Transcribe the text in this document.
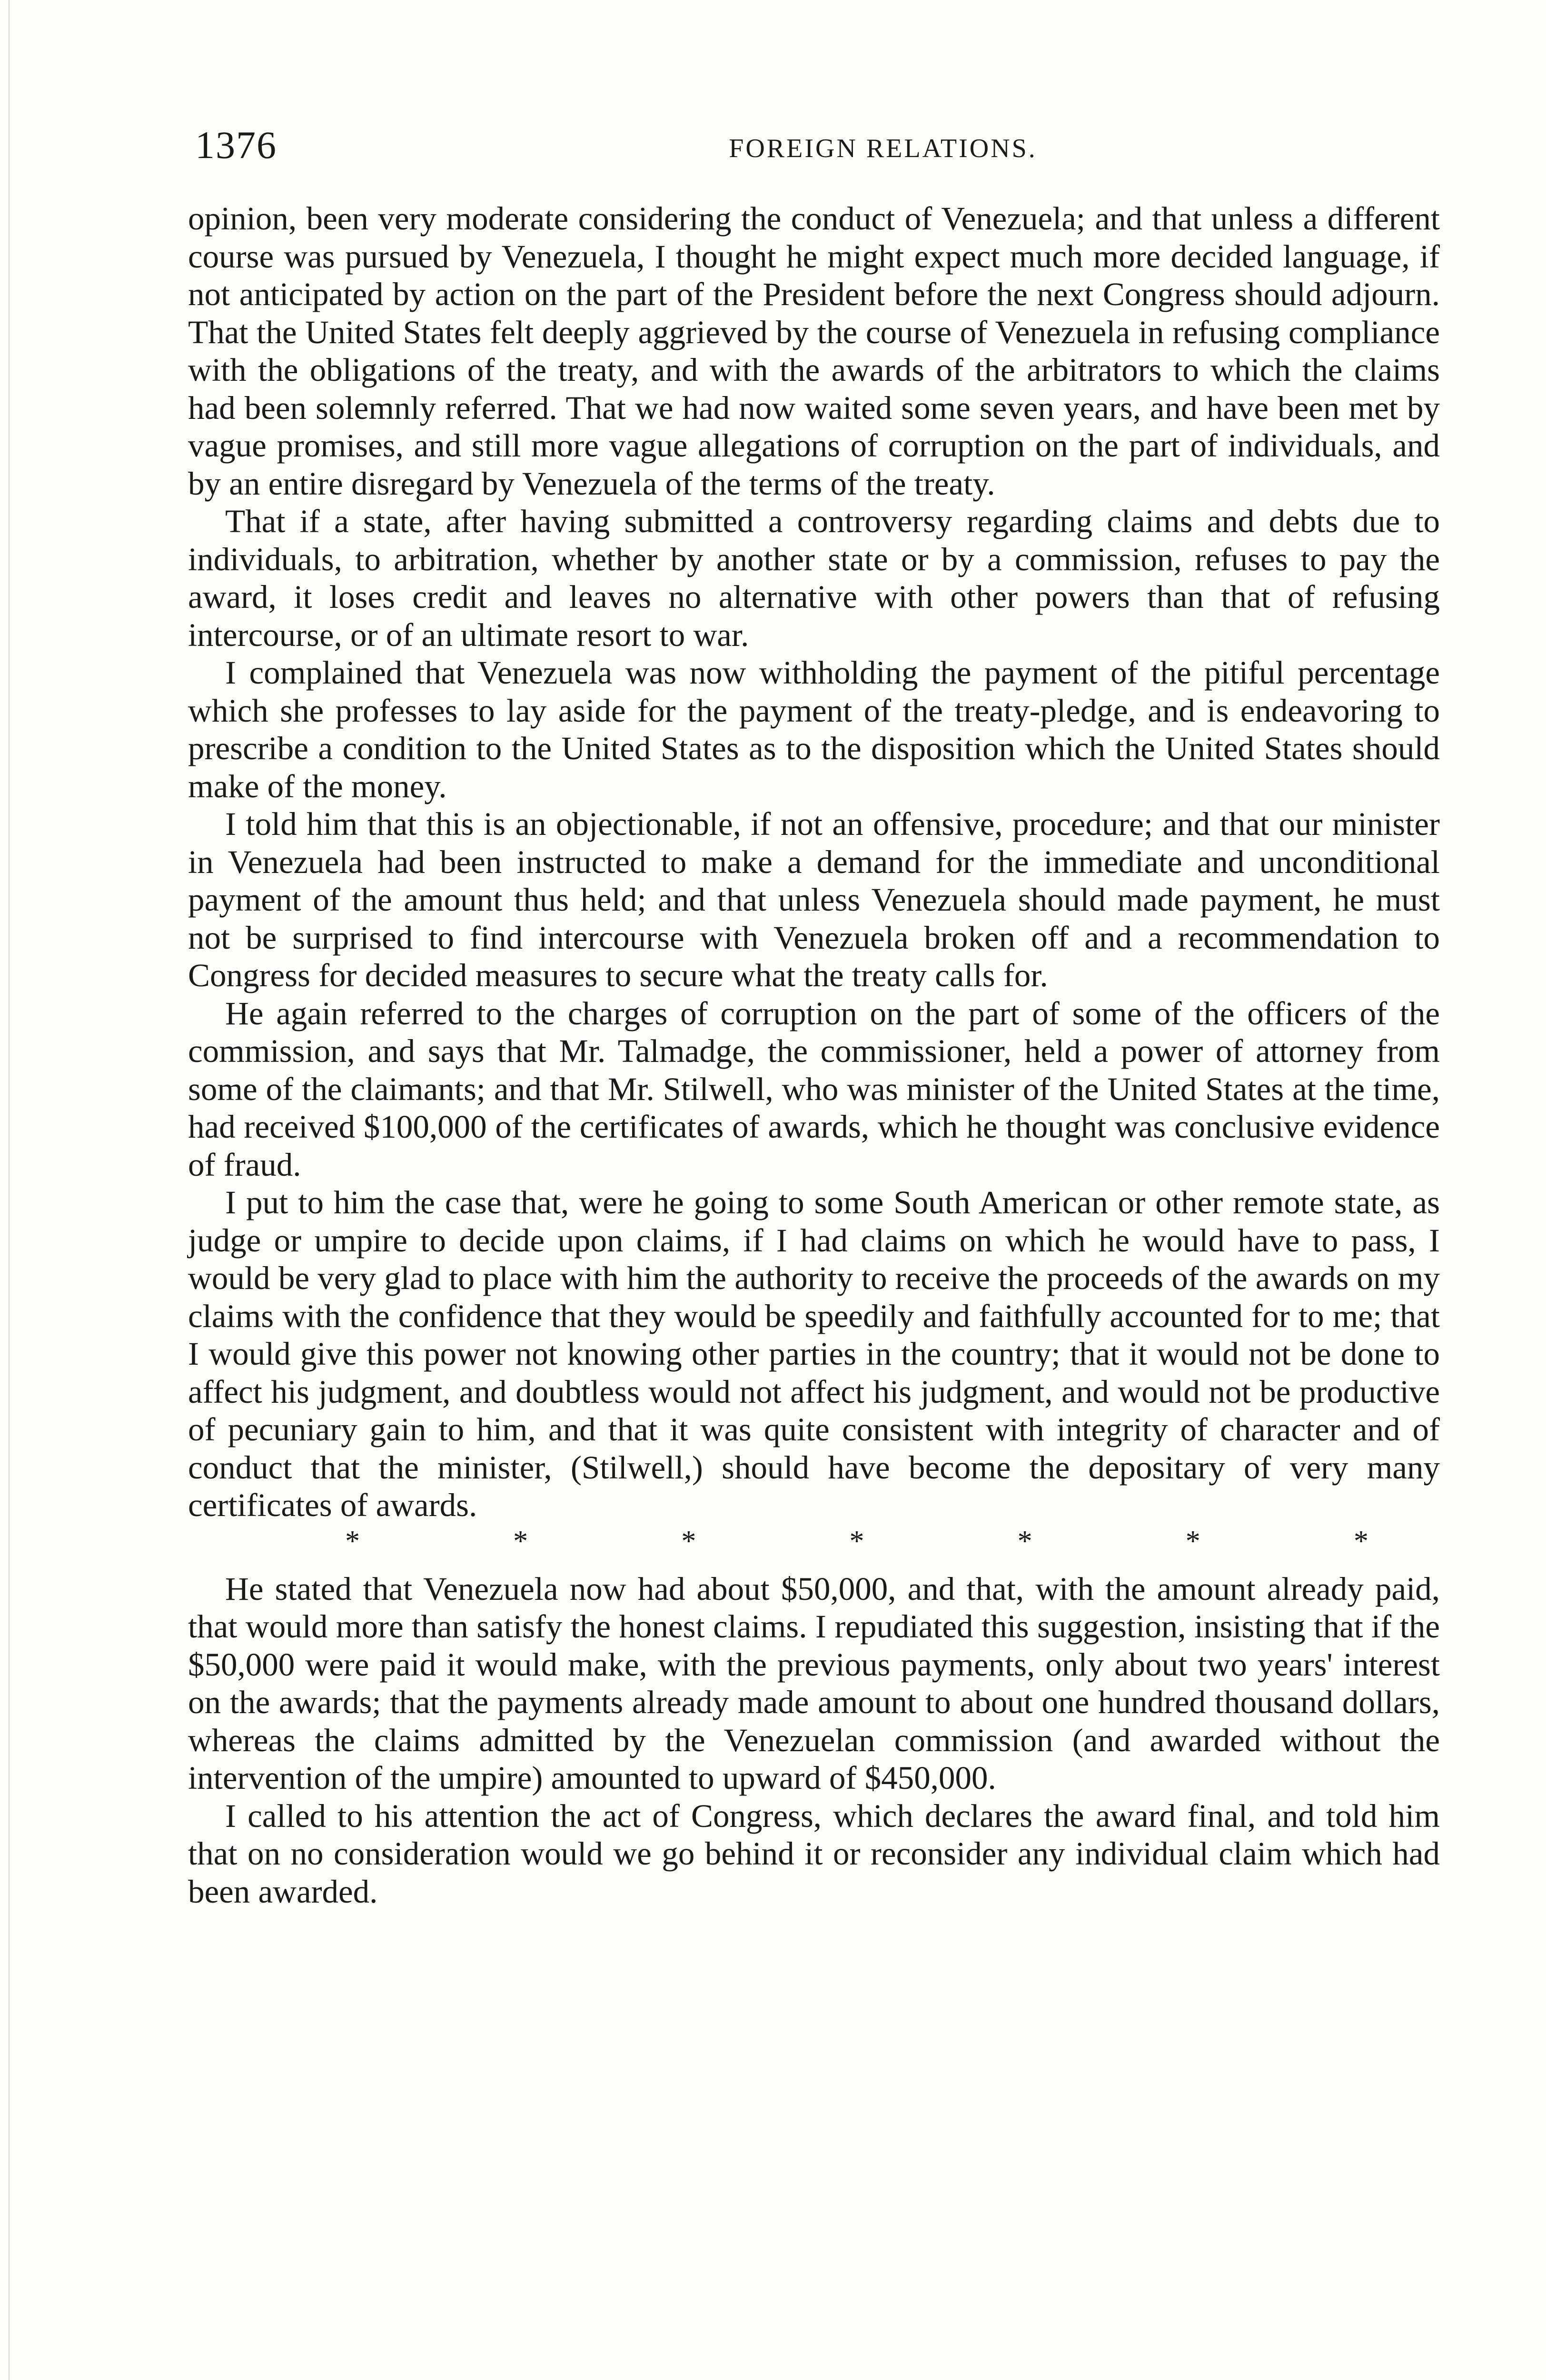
1376	FOREIGN RELATIONS.

opinion, been very moderate considering the conduct of Venezuela; and that unless a different course was pursued by Venezuela, I thought he might expect much more decided language, if not anticipated by action on the part of the President before the next Congress should adjourn. That the United States felt deeply aggrieved by the course of Venezuela in refusing compliance with the obligations of the treaty, and with the awards of the arbitrators to which the claims had been solemnly referred. That we had now waited some seven years, and have been met by vague promises, and still more vague allegations of corruption on the part of individuals, and by an entire disregard by Venezuela of the terms of the treaty.

That if a state, after having submitted a controversy regarding claims and debts due to individuals, to arbitration, whether by another state or by a commission, refuses to pay the award, it loses credit and leaves no alternative with other powers than that of refusing intercourse, or of an ultimate resort to war.

I complained that Venezuela was now withholding the payment of the pitiful percentage which she professes to lay aside for the payment of the treaty-pledge, and is endeavoring to prescribe a condition to the United States as to the disposition which the United States should make of the money.

I told him that this is an objectionable, if not an offensive, procedure; and that our minister in Venezuela had been instructed to make a demand for the immediate and unconditional payment of the amount thus held; and that unless Venezuela should made payment, he must not be surprised to find intercourse with Venezuela broken off and a recommendation to Congress for decided measures to secure what the treaty calls for.

He again referred to the charges of corruption on the part of some of the officers of the commission, and says that Mr. Talmadge, the commissioner, held a power of attorney from some of the claimants; and that Mr. Stilwell, who was minister of the United States at the time, had received $100,000 of the certificates of awards, which he thought was conclusive evidence of fraud.

I put to him the case that, were he going to some South American or other remote state, as judge or umpire to decide upon claims, if I had claims on which he would have to pass, I would be very glad to place with him the authority to receive the proceeds of the awards on my claims with the confidence that they would be speedily and faithfully accounted for to me; that I would give this power not knowing other parties in the country; that it would not be done to affect his judgment, and doubtless would not affect his judgment, and would not be productive of pecuniary gain to him, and that it was quite consistent with integrity of character and of conduct that the minister, (Stilwell,) should have become the depositary of very many certificates of awards.

*	*	*	*	*	*	*

He stated that Venezuela now had about $50,000, and that, with the amount already paid, that would more than satisfy the honest claims. I repudiated this suggestion, insisting that if the $50,000 were paid it would make, with the previous payments, only about two years' interest on the awards; that the payments already made amount to about one hundred thousand dollars, whereas the claims admitted by the Venezuelan commission (and awarded without the intervention of the umpire) amounted to upward of $450,000.

I called to his attention the act of Congress, which declares the award final, and told him that on no consideration would we go behind it or reconsider any individual claim which had been awarded.
